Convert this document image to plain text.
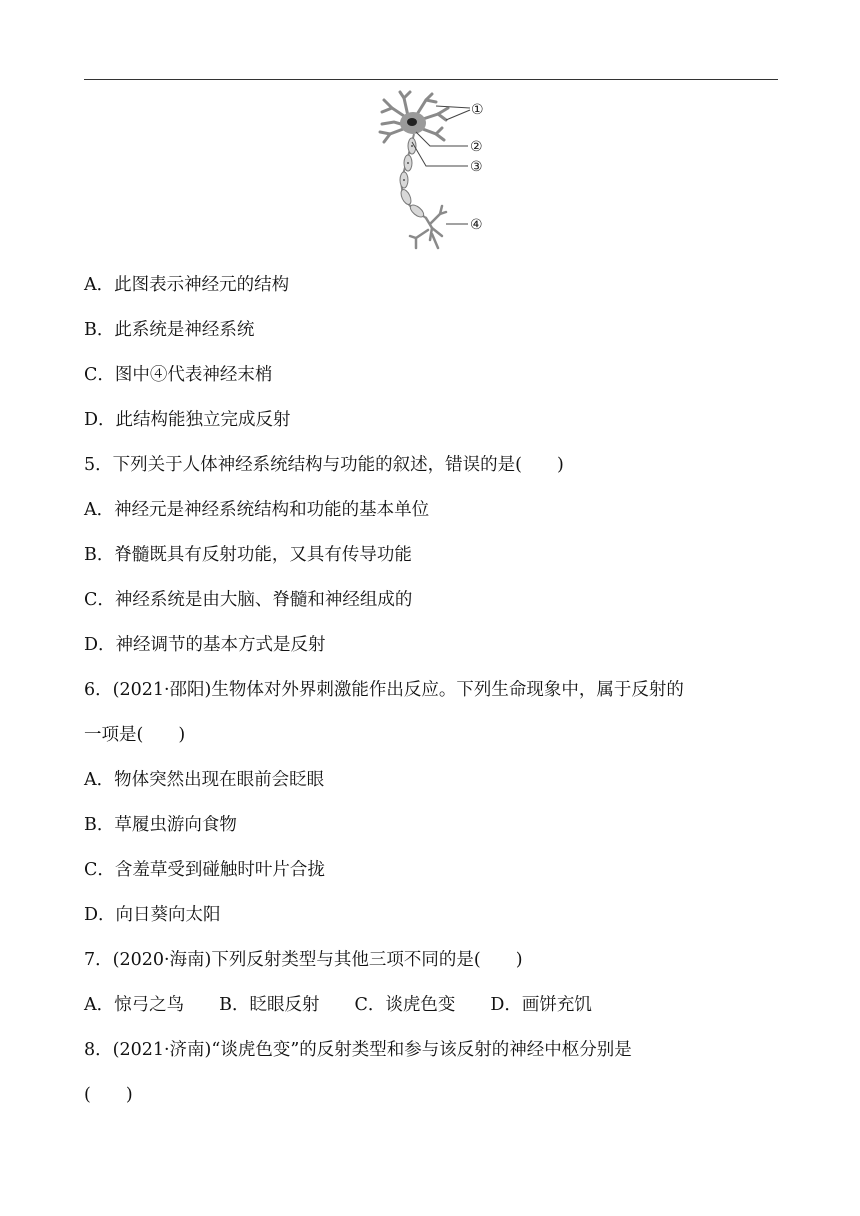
①
②
③
④
A．此图表示神经元的结构
B．此系统是神经系统
C．图中④代表神经末梢
D．此结构能独立完成反射
5．下列关于人体神经系统结构与功能的叙述，错误的是(　　)
A．神经元是神经系统结构和功能的基本单位
B．脊髓既具有反射功能，又具有传导功能
C．神经系统是由大脑、脊髓和神经组成的
D．神经调节的基本方式是反射
6．(2021·邵阳)生物体对外界刺激能作出反应。下列生命现象中，属于反射的
一项是(　　)
A．物体突然出现在眼前会眨眼
B．草履虫游向食物
C．含羞草受到碰触时叶片合拢
D．向日葵向太阳
7．(2020·海南)下列反射类型与其他三项不同的是(　　)
A．惊弓之鸟　　B．眨眼反射　　C．谈虎色变　　D．画饼充饥
8．(2021·济南)“谈虎色变”的反射类型和参与该反射的神经中枢分别是
(　　)
